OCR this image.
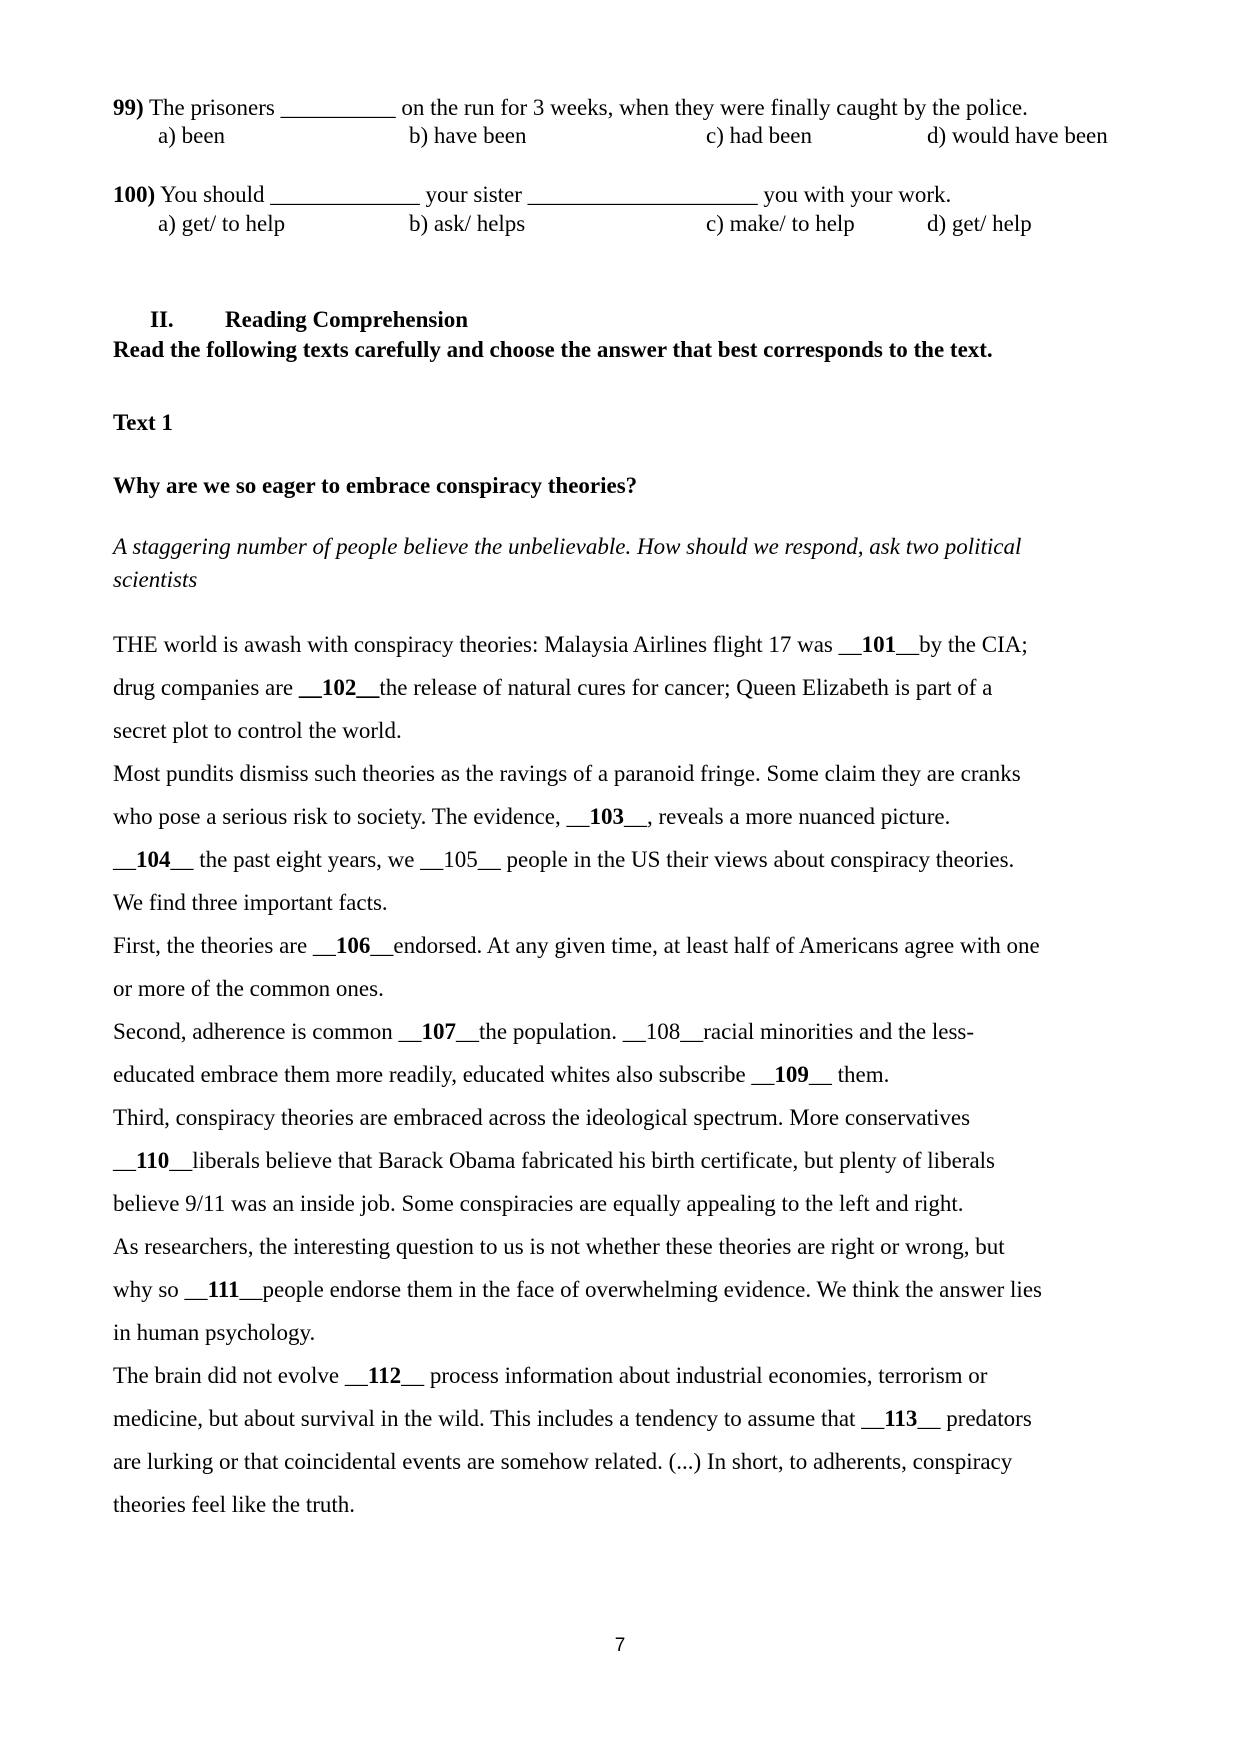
99) The prisoners __________ on the run for 3 weeks, when they were finally caught by the police.
a) been	b) have been	c) had been	d) would have been
100) You should _____________ your sister ____________________ you with your work.
a) get/ to help	b) ask/ helps	c) make/ to help	d) get/ help
II. Reading Comprehension
Read the following texts carefully and choose the answer that best corresponds to the text.
Text 1
Why are we so eager to embrace conspiracy theories?
A staggering number of people believe the unbelievable. How should we respond, ask two political
scientists
THE world is awash with conspiracy theories: Malaysia Airlines flight 17 was __101__by the CIA;
drug companies are __102__the release of natural cures for cancer; Queen Elizabeth is part of a
secret plot to control the world.
Most pundits dismiss such theories as the ravings of a paranoid fringe. Some claim they are cranks
who pose a serious risk to society. The evidence, __103__, reveals a more nuanced picture.
__104__ the past eight years, we __105__ people in the US their views about conspiracy theories.
We find three important facts.
First, the theories are __106__endorsed. At any given time, at least half of Americans agree with one
or more of the common ones.
Second, adherence is common __107__the population. __108__racial minorities and the less-
educated embrace them more readily, educated whites also subscribe __109__ them.
Third, conspiracy theories are embraced across the ideological spectrum. More conservatives
__110__liberals believe that Barack Obama fabricated his birth certificate, but plenty of liberals
believe 9/11 was an inside job. Some conspiracies are equally appealing to the left and right.
As researchers, the interesting question to us is not whether these theories are right or wrong, but
why so __111__people endorse them in the face of overwhelming evidence. We think the answer lies
in human psychology.
The brain did not evolve __112__ process information about industrial economies, terrorism or
medicine, but about survival in the wild. This includes a tendency to assume that __113__ predators
are lurking or that coincidental events are somehow related. (...) In short, to adherents, conspiracy
theories feel like the truth.
7
